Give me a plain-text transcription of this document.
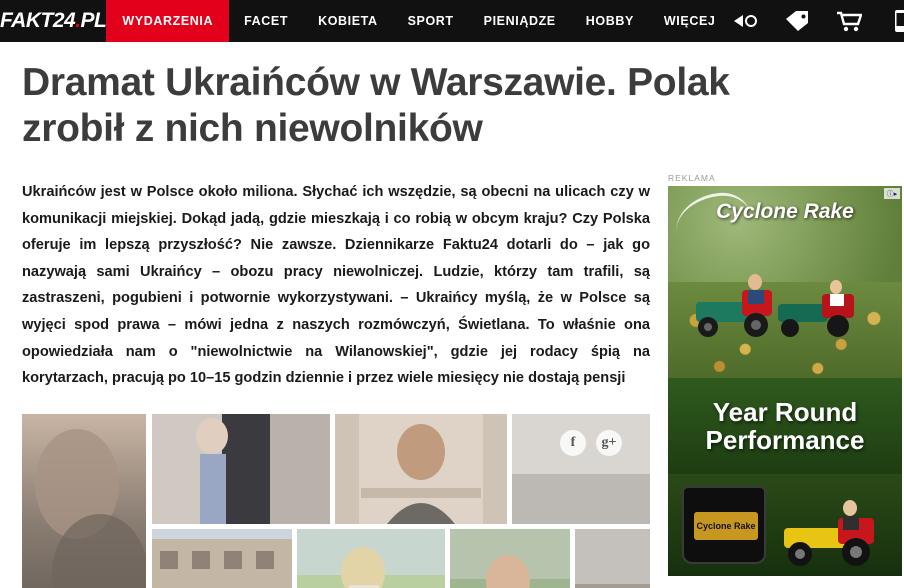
FAKT24.PL WYDARZENIA FACET KOBIETA SPORT PIENIĄDZE HOBBY WIĘCEJ
Dramat Ukraińców w Warszawie. Polak
zrobił z nich niewolników

Ukraińców jest w Polsce około miliona. Słychać ich wszędzie, są obecni na ulicach czy w komunikacji miejskiej. Dokąd jadą, gdzie mieszkają i co robią w obcym kraju? Czy Polska oferuje im lepszą przyszłość? Nie zawsze. Dziennikarze Faktu24 dotarli do – jak go nazywają sami Ukraińcy – obozu pracy niewolniczej. Ludzie, którzy tam trafili, są zastraszeni, pogubieni i potwornie wykorzystywani. – Ukraińcy myślą, że w Polsce są wyjęci spod prawa – mówi jedna z naszych rozmówczyń, Świetlana. To właśnie ona opowiedziała nam o "niewolnictwie na Wilanowskiej", gdzie jej rodacy śpią na korytarzach, pracują po 10–15 godzin dziennie i przez wiele miesięcy nie dostają pensji

f	g+
REKLAMA
ⓘ▸
Cyclone Rake
Year Round
Performance
Cyclone Rake
